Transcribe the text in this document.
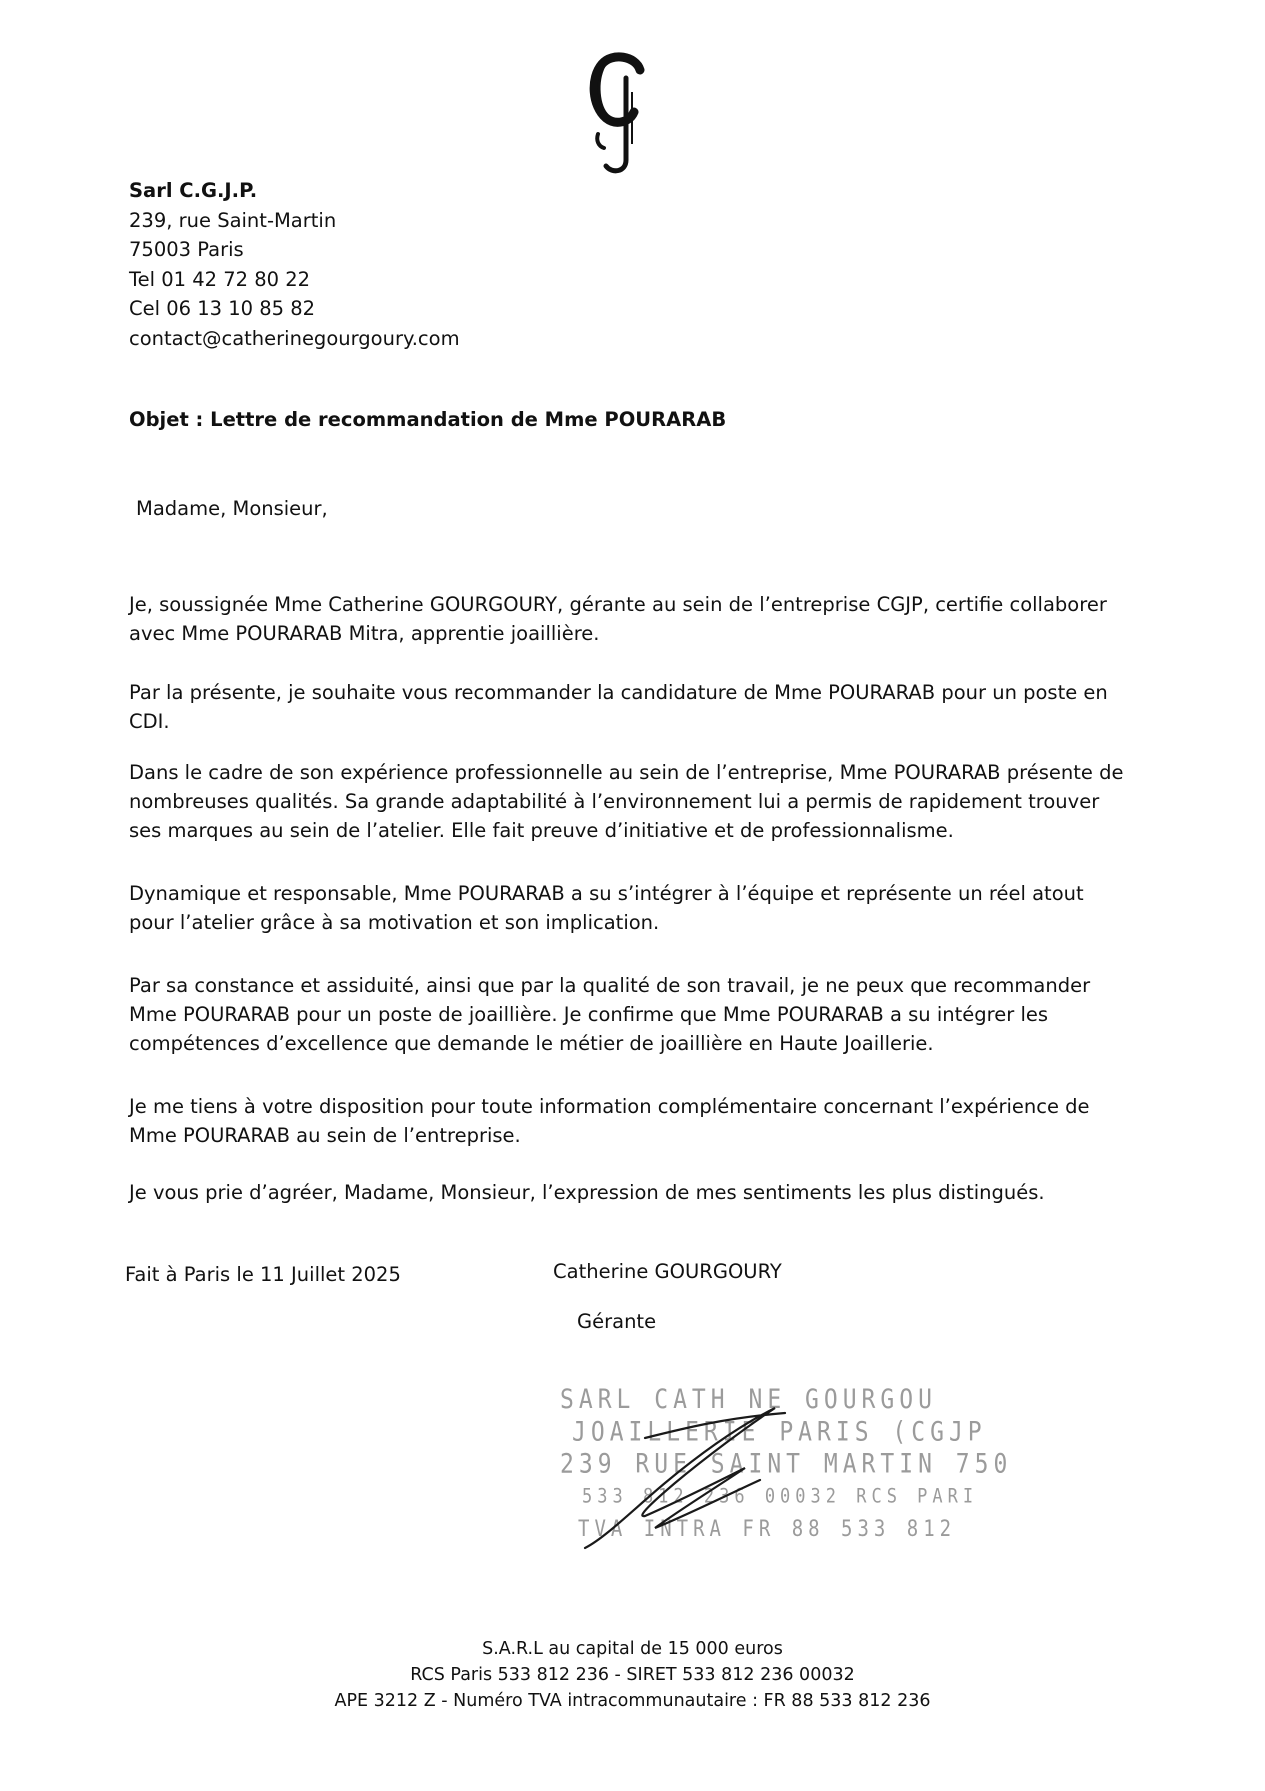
Sarl C.G.J.P.
239, rue Saint-Martin
75003 Paris
Tel 01 42 72 80 22
Cel 06 13 10 85 82
contact@catherinegourgoury.com
Objet : Lettre de recommandation de Mme POURARAB
Madame, Monsieur,

Je, soussignée Mme Catherine GOURGOURY, gérante au sein de l’entreprise CGJP, certifie collaborer avec Mme POURARAB Mitra, apprentie joaillière.

Par la présente, je souhaite vous recommander la candidature de Mme POURARAB pour un poste en CDI.

Dans le cadre de son expérience professionnelle au sein de l’entreprise, Mme POURARAB présente de nombreuses qualités. Sa grande adaptabilité à l’environnement lui a permis de rapidement trouver ses marques au sein de l’atelier. Elle fait preuve d’initiative et de professionnalisme.

Dynamique et responsable, Mme POURARAB a su s’intégrer à l’équipe et représente un réel atout pour l’atelier grâce à sa motivation et son implication.

Par sa constance et assiduité, ainsi que par la qualité de son travail, je ne peux que recommander Mme POURARAB pour un poste de joaillière. Je confirme que Mme POURARAB a su intégrer les compétences d’excellence que demande le métier de joaillière en Haute Joaillerie.

Je me tiens à votre disposition pour toute information complémentaire concernant l’expérience de Mme POURARAB au sein de l’entreprise.

Je vous prie d’agréer, Madame, Monsieur, l’expression de mes sentiments les plus distingués.

Fait à Paris le 11 Juillet 2025	Catherine GOURGOURY
Gérante
SARL CATH NE GOURGOU
JOAILLERIE PARIS (CGJP
239 RUE SAINT MARTIN 750
533 812 236 00032 RCS PARI
TVA INTRA FR 88 533 812
S.A.R.L au capital de 15 000 euros
RCS Paris 533 812 236 - SIRET 533 812 236 00032
APE 3212 Z - Numéro TVA intracommunautaire : FR 88 533 812 236
